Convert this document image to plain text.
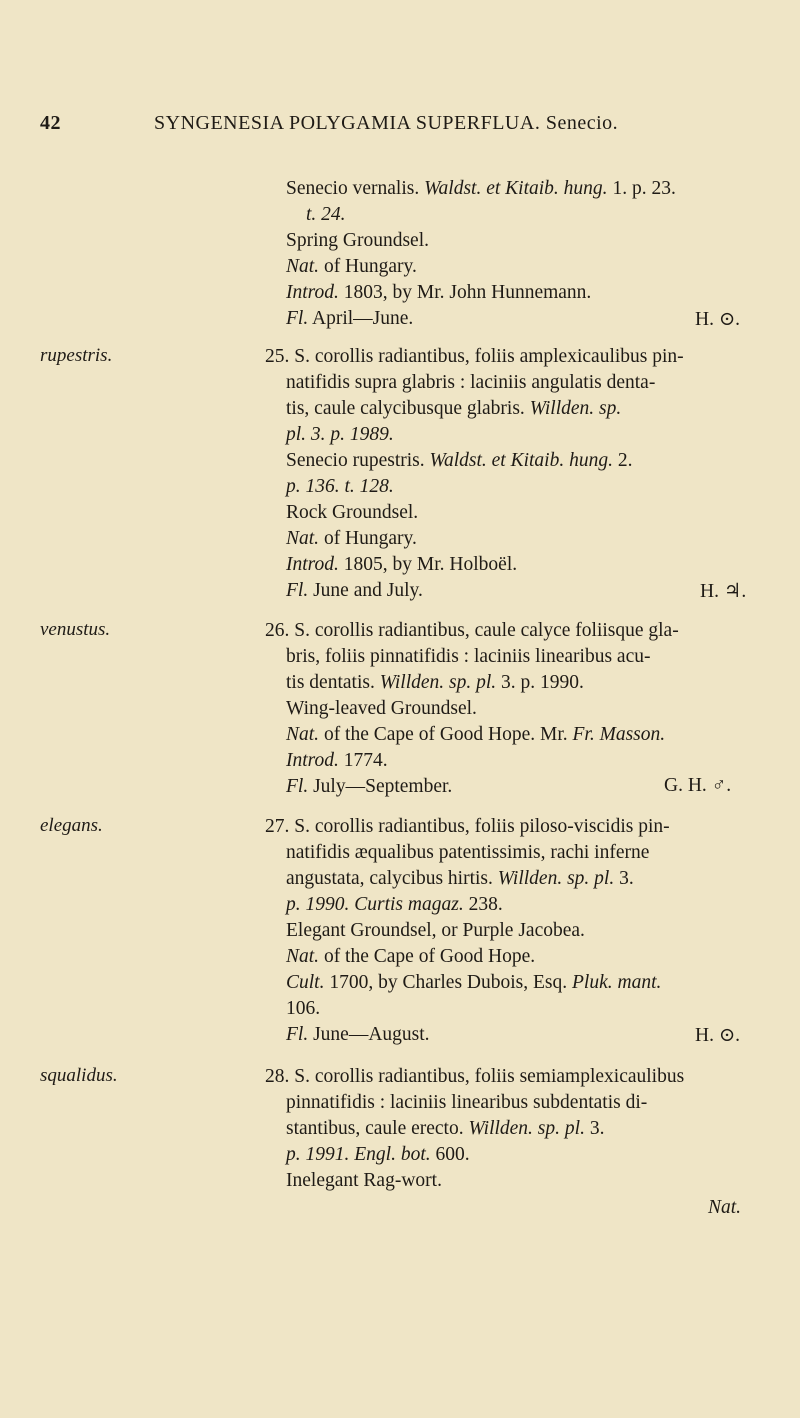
42	SYNGENESIA POLYGAMIA SUPERFLUA. Senecio.
Senecio vernalis. Waldst. et Kitaib. hung. 1. p. 23.
t. 24.
Spring Groundsel.
Nat. of Hungary.
Introd. 1803, by Mr. John Hunnemann.
Fl. April—June.	H. ⊙.
rupestris.	25. S. corollis radiantibus, foliis amplexicaulibus pin-
natifidis supra glabris : laciniis angulatis denta-
tis, caule calycibusque glabris. Willden. sp.
pl. 3. p. 1989.
Senecio rupestris. Waldst. et Kitaib. hung. 2.
p. 136. t. 128.
Rock Groundsel.
Nat. of Hungary.
Introd. 1805, by Mr. Holboël.
Fl. June and July.	H. ♃.
venustus.	26. S. corollis radiantibus, caule calyce foliisque gla-
bris, foliis pinnatifidis : laciniis linearibus acu-
tis dentatis. Willden. sp. pl. 3. p. 1990.
Wing-leaved Groundsel.
Nat. of the Cape of Good Hope. Mr. Fr. Masson.
Introd. 1774.
Fl. July—September.	G. H. ♂.
elegans.	27. S. corollis radiantibus, foliis piloso-viscidis pin-
natifidis æqualibus patentissimis, rachi inferne
angustata, calycibus hirtis. Willden. sp. pl. 3.
p. 1990. Curtis magaz. 238.
Elegant Groundsel, or Purple Jacobea.
Nat. of the Cape of Good Hope.
Cult. 1700, by Charles Dubois, Esq. Pluk. mant.
106.
Fl. June—August.	H. ⊙.
squalidus.	28. S. corollis radiantibus, foliis semiamplexicaulibus
pinnatifidis : laciniis linearibus subdentatis di-
stantibus, caule erecto. Willden. sp. pl. 3.
p. 1991. Engl. bot. 600.
Inelegant Rag-wort.
Nat.
